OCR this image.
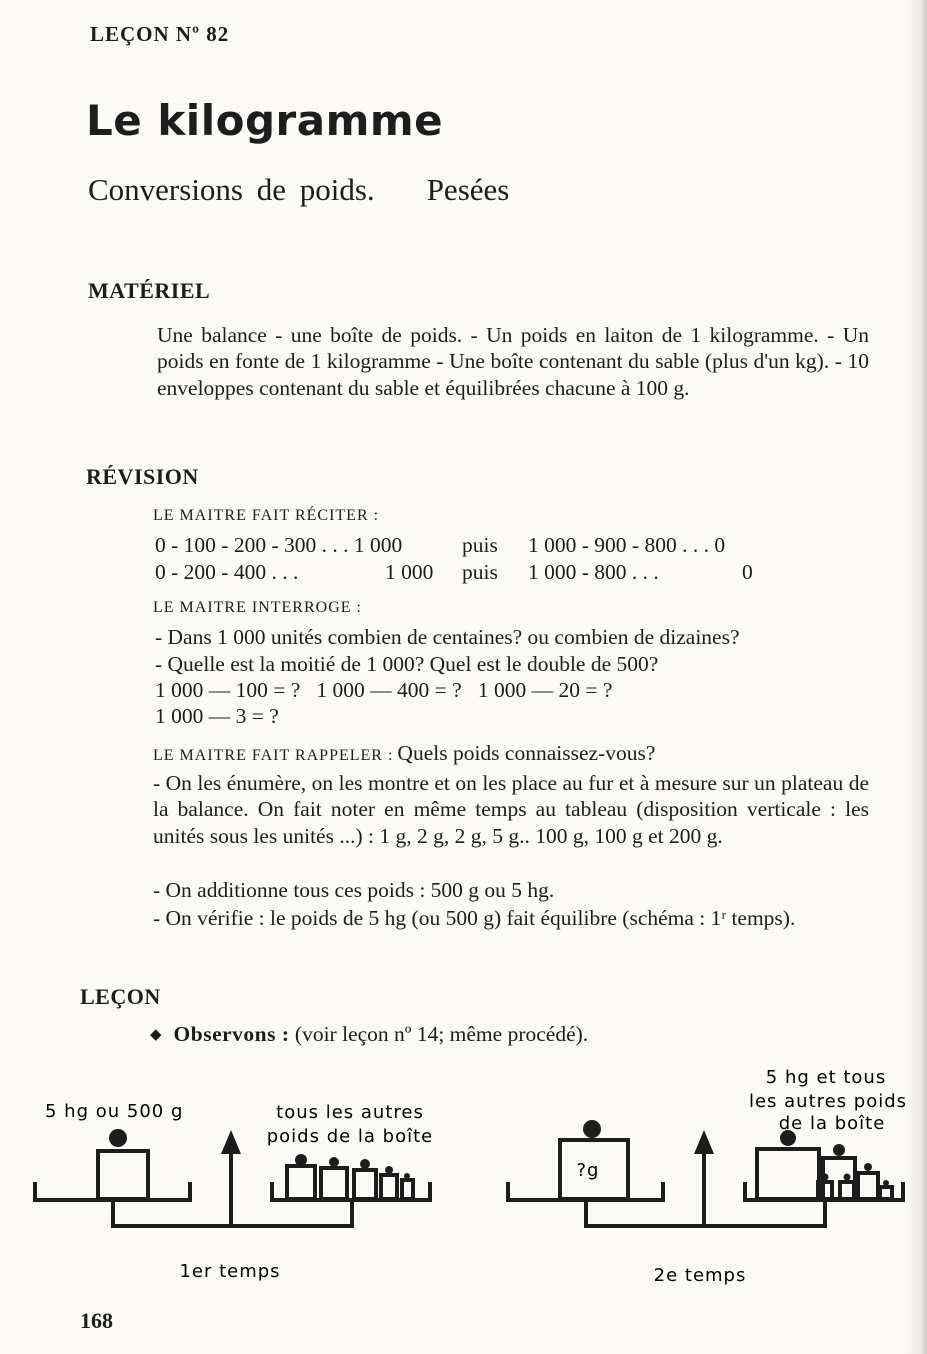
LEÇON Nº 82
Le kilogramme
Conversions de poids. Pesées
MATÉRIEL
Une balance - une boîte de poids. - Un poids en laiton de 1 kilogramme. - Un poids en fonte de 1 kilogramme - Une boîte contenant du sable (plus d'un kg). - 10 enveloppes contenant du sable et équilibrées chacune à 100 g.
RÉVISION
LE MAITRE FAIT RÉCITER :
0 - 100 - 200 - 300 . . . 1 000	puis 1 000 - 900 - 800 . . . 0
0 - 200 - 400 . . .	1 000 puis 1 000 - 800 . . .	0
LE MAITRE INTERROGE :
- Dans 1 000 unités combien de centaines? ou combien de dizaines?
- Quelle est la moitié de 1 000? Quel est le double de 500?
1 000 — 100 = ?   1 000 — 400 = ?   1 000 — 20 = ?
1 000 — 3 = ?
LE MAITRE FAIT RAPPELER : Quels poids connaissez-vous?
- On les énumère, on les montre et on les place au fur et à mesure sur un plateau de la balance. On fait noter en même temps au tableau (disposition verticale : les unités sous les unités ...) : 1 g, 2 g, 2 g, 5 g.. 100 g, 100 g et 200 g.
- On additionne tous ces poids : 500 g ou 5 hg.
- On vérifie : le poids de 5 hg (ou 500 g) fait équilibre (schéma : 1ʳ temps).
LEÇON
◆ Observons : (voir leçon nº 14; même procédé).
5 hg ou 500 g	tous les autres
poids de la boîte
1er temps
?g
5 hg et tous
les autres poids
de la boîte
2e temps
168
